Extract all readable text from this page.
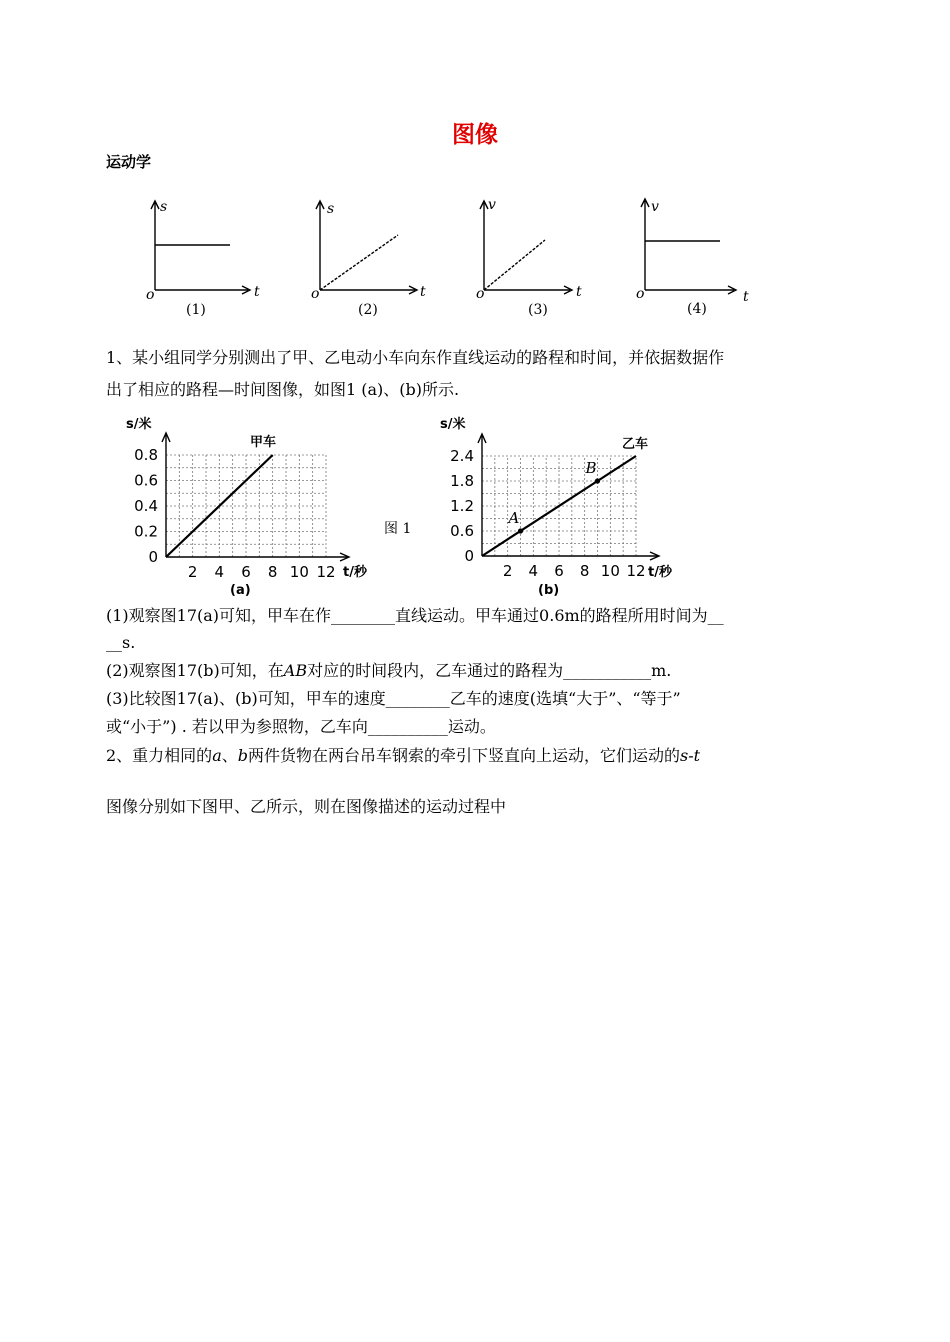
图像
运动学
s
t
o
(1)
s
t
o
(2)
v
t
o
(3)
v
t
o
(4)
1、某小组同学分别测出了甲、乙电动小车向东作直线运动的路程和时间，并依据数据作
出了相应的路程—时间图像，如图1 (a)、(b)所示.
s/米
甲车
t/秒
(a)
0
0.2
0.4
0.6
0.8
2 4 6 8 10 12
图 1
s/米
乙车
t/秒
(b)
0
0.6
1.2
1.8
2.4
2 4 6 8 10 12
A
B
(1)观察图17(a)可知，甲车在作________直线运动。甲车通过0.6m的路程所用时间为__
__s.
(2)观察图17(b)可知，在AB对应的时间段内，乙车通过的路程为___________m.
(3)比较图17(a)、(b)可知，甲车的速度________乙车的速度(选填“大于”、“等于”
或“小于”) . 若以甲为参照物，乙车向__________运动。
2、重力相同的a、b两件货物在两台吊车钢索的牵引下竖直向上运动，它们运动的s-t
图像分别如下图甲、乙所示，则在图像描述的运动过程中
